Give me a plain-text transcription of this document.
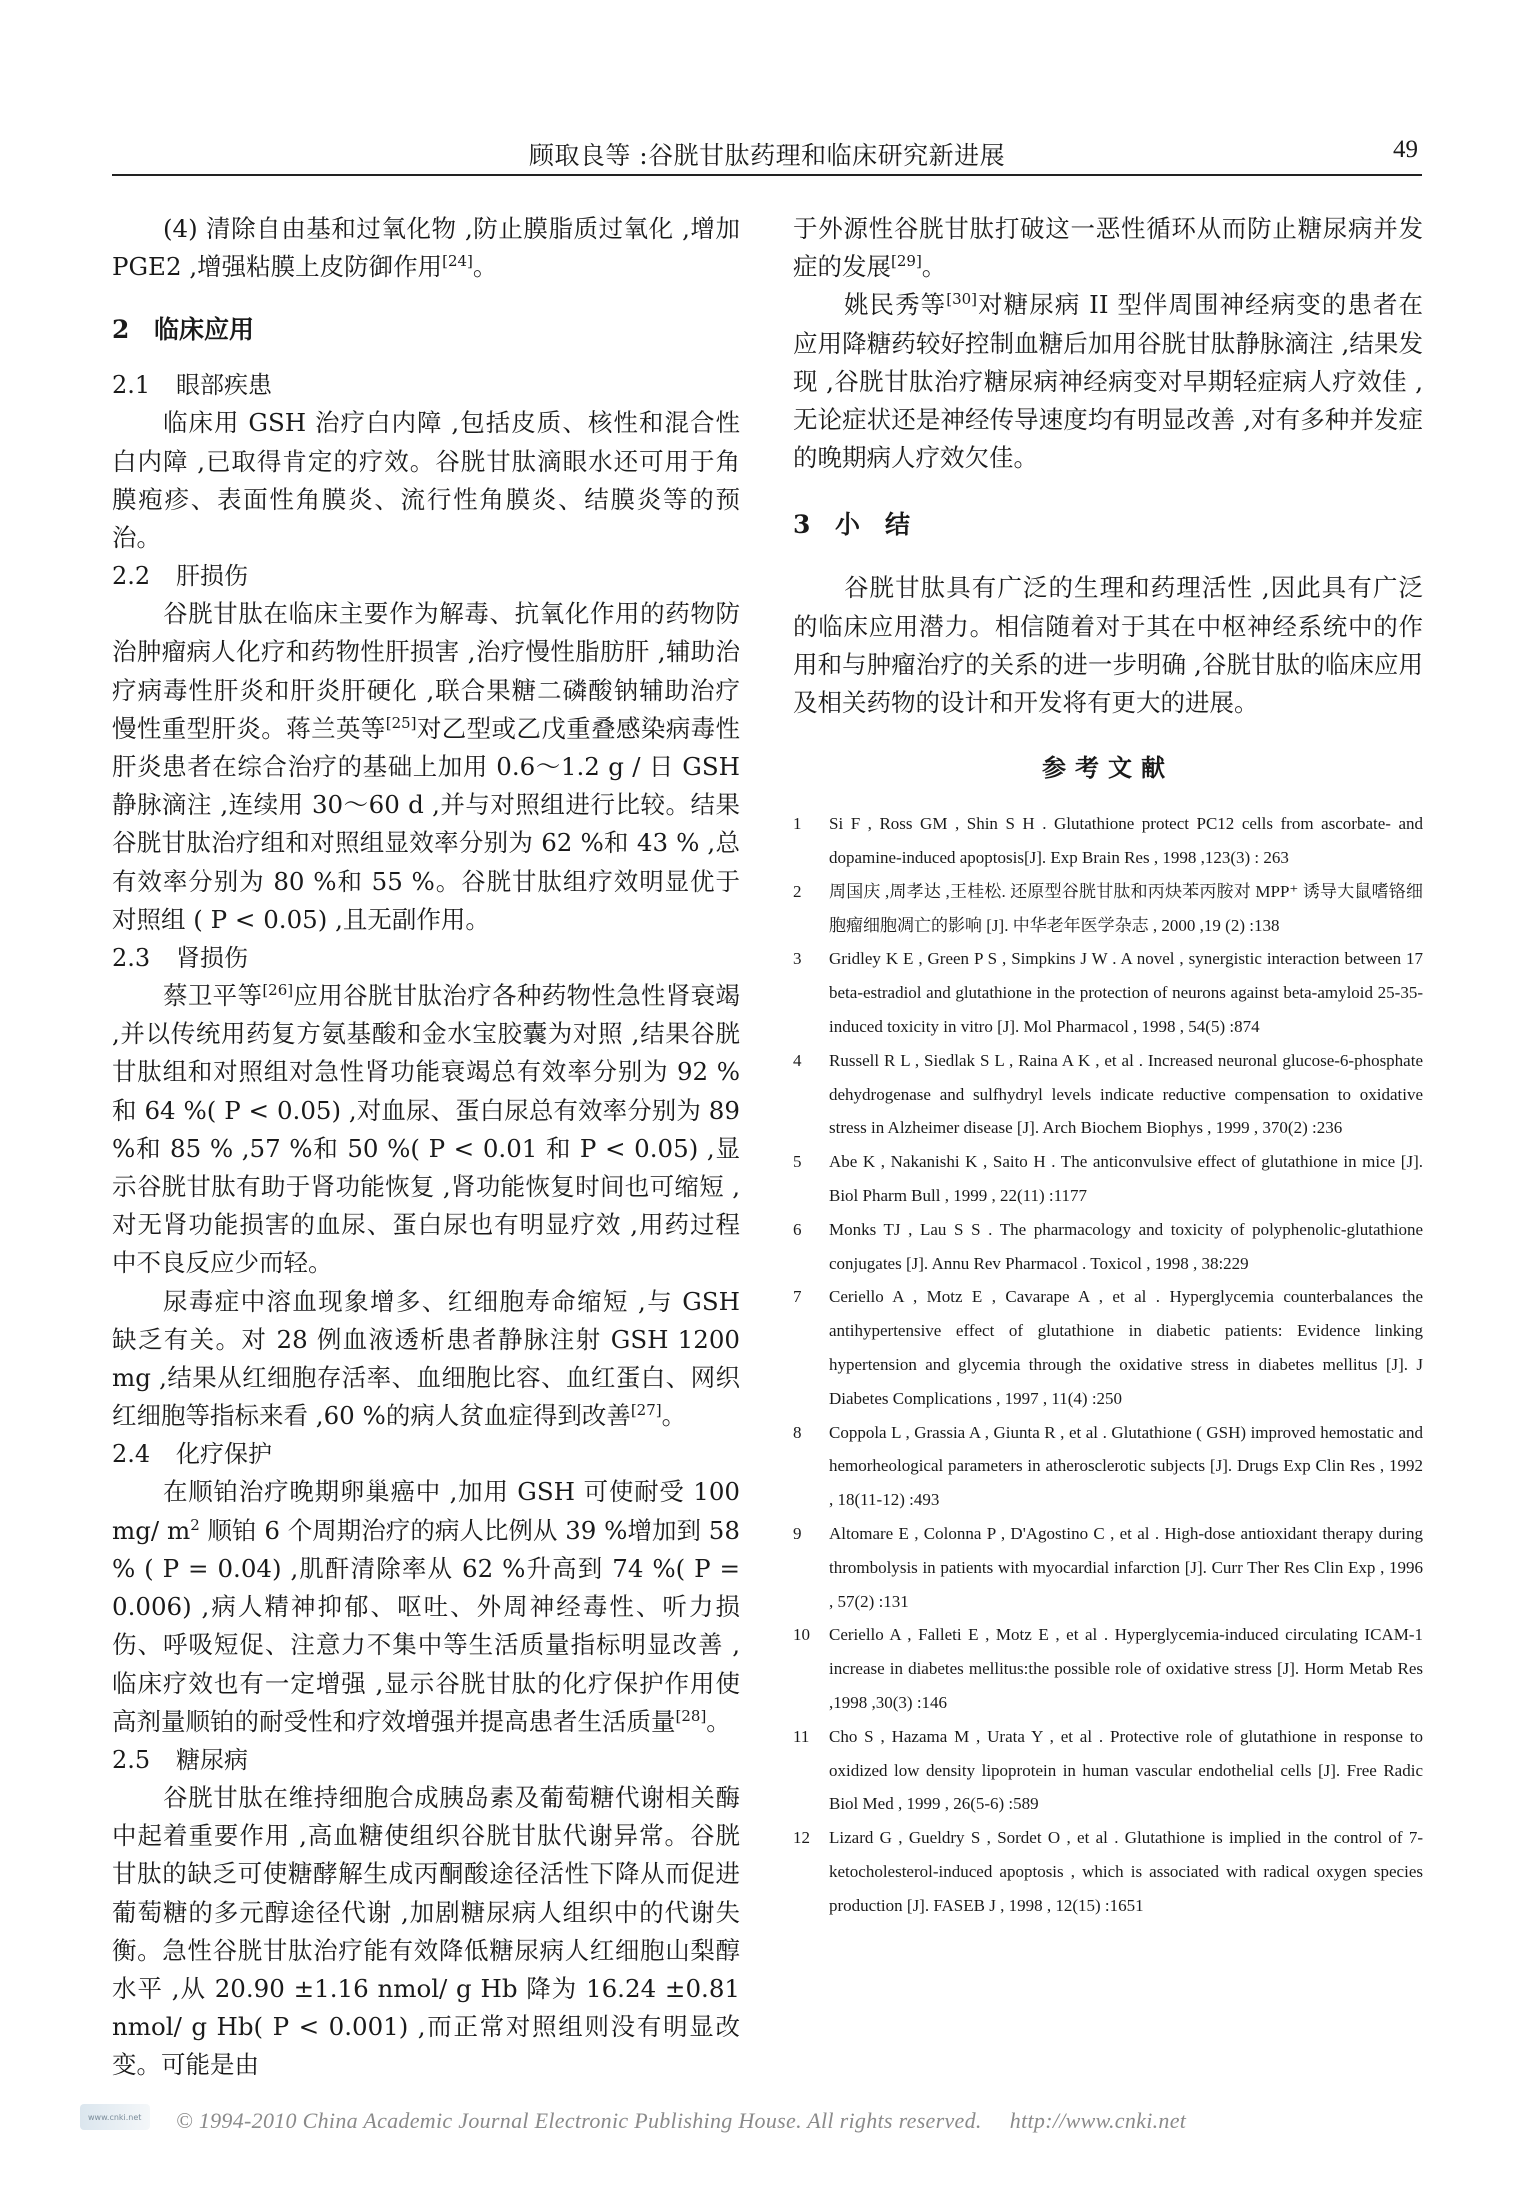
顾取良等 :谷胱甘肽药理和临床研究新进展	49

(4) 清除自由基和过氧化物 ,防止膜脂质过氧化 ,增加PGE2 ,增强粘膜上皮防御作用[24]。

2 临床应用
2.1 眼部疾患

临床用 GSH 治疗白内障 ,包括皮质、核性和混合性白内障 ,已取得肯定的疗效。谷胱甘肽滴眼水还可用于角膜疱疹、表面性角膜炎、流行性角膜炎、结膜炎等的预治。

2.2 肝损伤

谷胱甘肽在临床主要作为解毒、抗氧化作用的药物防治肿瘤病人化疗和药物性肝损害 ,治疗慢性脂肪肝 ,辅助治疗病毒性肝炎和肝炎肝硬化 ,联合果糖二磷酸钠辅助治疗慢性重型肝炎。蒋兰英等[25]对乙型或乙戊重叠感染病毒性肝炎患者在综合治疗的基础上加用 0.6～1.2 g / 日 GSH 静脉滴注 ,连续用 30～60 d ,并与对照组进行比较。结果谷胱甘肽治疗组和对照组显效率分别为 62 %和 43 % ,总有效率分别为 80 %和 55 %。谷胱甘肽组疗效明显优于对照组 ( P < 0.05) ,且无副作用。

2.3 肾损伤

蔡卫平等[26]应用谷胱甘肽治疗各种药物性急性肾衰竭 ,并以传统用药复方氨基酸和金水宝胶囊为对照 ,结果谷胱甘肽组和对照组对急性肾功能衰竭总有效率分别为 92 %和 64 %( P < 0.05) ,对血尿、蛋白尿总有效率分别为 89 %和 85 % ,57 %和 50 %( P < 0.01 和 P < 0.05) ,显示谷胱甘肽有助于肾功能恢复 ,肾功能恢复时间也可缩短 ,对无肾功能损害的血尿、蛋白尿也有明显疗效 ,用药过程中不良反应少而轻。

尿毒症中溶血现象增多、红细胞寿命缩短 ,与 GSH 缺乏有关。对 28 例血液透析患者静脉注射 GSH 1200 mg ,结果从红细胞存活率、血细胞比容、血红蛋白、网织红细胞等指标来看 ,60 %的病人贫血症得到改善[27]。

2.4 化疗保护

在顺铂治疗晚期卵巢癌中 ,加用 GSH 可使耐受 100 mg/ $m^2$ 顺铂 6 个周期治疗的病人比例从 39 %增加到 58 % ( P = 0.04) ,肌酐清除率从 62 %升高到 74 %( P = 0.006) ,病人精神抑郁、呕吐、外周神经毒性、听力损伤、呼吸短促、注意力不集中等生活质量指标明显改善 ,临床疗效也有一定增强 ,显示谷胱甘肽的化疗保护作用使高剂量顺铂的耐受性和疗效增强并提高患者生活质量[28]。

2.5 糖尿病

谷胱甘肽在维持细胞合成胰岛素及葡萄糖代谢相关酶中起着重要作用 ,高血糖使组织谷胱甘肽代谢异常。谷胱甘肽的缺乏可使糖酵解生成丙酮酸途径活性下降从而促进葡萄糖的多元醇途径代谢 ,加剧糖尿病人组织中的代谢失衡。急性谷胱甘肽治疗能有效降低糖尿病人红细胞山梨醇水平 ,从 20.90 ±1.16 nmol/ g Hb 降为 16.24 ±0.81 nmol/ g Hb( P < 0.001) ,而正常对照组则没有明显改变。可能是由

于外源性谷胱甘肽打破这一恶性循环从而防止糖尿病并发症的发展[29]。

姚民秀等[30]对糖尿病 II 型伴周围神经病变的患者在应用降糖药较好控制血糖后加用谷胱甘肽静脉滴注 ,结果发现 ,谷胱甘肽治疗糖尿病神经病变对早期轻症病人疗效佳 ,无论症状还是神经传导速度均有明显改善 ,对有多种并发症的晚期病人疗效欠佳。

3 小　结

谷胱甘肽具有广泛的生理和药理活性 ,因此具有广泛的临床应用潜力。相信随着对于其在中枢神经系统中的作用和与肿瘤治疗的关系的进一步明确 ,谷胱甘肽的临床应用及相关药物的设计和开发将有更大的进展。

参考文献
1	Si F , Ross GM , Shin S H . Glutathione protect PC12 cells from ascorbate- and dopamine-induced apoptosis[J]. Exp Brain Res , 1998 ,123(3) : 263
2	周国庆 ,周孝达 ,王桂松. 还原型谷胱甘肽和丙炔苯丙胺对 MPP⁺ 诱导大鼠嗜铬细胞瘤细胞凋亡的影响 [J]. 中华老年医学杂志 , 2000 ,19 (2) :138
3	Gridley K E , Green P S , Simpkins J W . A novel , synergistic interaction between 17 beta-estradiol and glutathione in the protection of neurons against beta-amyloid 25-35-induced toxicity in vitro [J]. Mol Pharmacol , 1998 , 54(5) :874
4	Russell R L , Siedlak S L , Raina A K , et al . Increased neuronal glucose-6-phosphate dehydrogenase and sulfhydryl levels indicate reductive compensation to oxidative stress in Alzheimer disease [J]. Arch Biochem Biophys , 1999 , 370(2) :236
5	Abe K , Nakanishi K , Saito H . The anticonvulsive effect of glutathione in mice [J]. Biol Pharm Bull , 1999 , 22(11) :1177
6	Monks TJ , Lau S S . The pharmacology and toxicity of polyphenolic-glutathione conjugates [J]. Annu Rev Pharmacol . Toxicol , 1998 , 38:229
7	Ceriello A , Motz E , Cavarape A , et al . Hyperglycemia counterbalances the antihypertensive effect of glutathione in diabetic patients: Evidence linking hypertension and glycemia through the oxidative stress in diabetes mellitus [J]. J Diabetes Complications , 1997 , 11(4) :250
8	Coppola L , Grassia A , Giunta R , et al . Glutathione ( GSH) improved hemostatic and hemorheological parameters in atherosclerotic subjects [J]. Drugs Exp Clin Res , 1992 , 18(11-12) :493
9	Altomare E , Colonna P , D'Agostino C , et al . High-dose antioxidant therapy during thrombolysis in patients with myocardial infarction [J]. Curr Ther Res Clin Exp , 1996 , 57(2) :131
10	Ceriello A , Falleti E , Motz E , et al . Hyperglycemia-induced circulating ICAM-1 increase in diabetes mellitus:the possible role of oxidative stress [J]. Horm Metab Res ,1998 ,30(3) :146
11	Cho S , Hazama M , Urata Y , et al . Protective role of glutathione in response to oxidized low density lipoprotein in human vascular endothelial cells [J]. Free Radic Biol Med , 1999 , 26(5-6) :589
12	Lizard G , Gueldry S , Sordet O , et al . Glutathione is implied in the control of 7-ketocholesterol-induced apoptosis , which is associated with radical oxygen species production [J]. FASEB J , 1998 , 12(15) :1651
www.cnki.net © 1994-2010 China Academic Journal Electronic Publishing House. All rights reserved.　 http://www.cnki.net
